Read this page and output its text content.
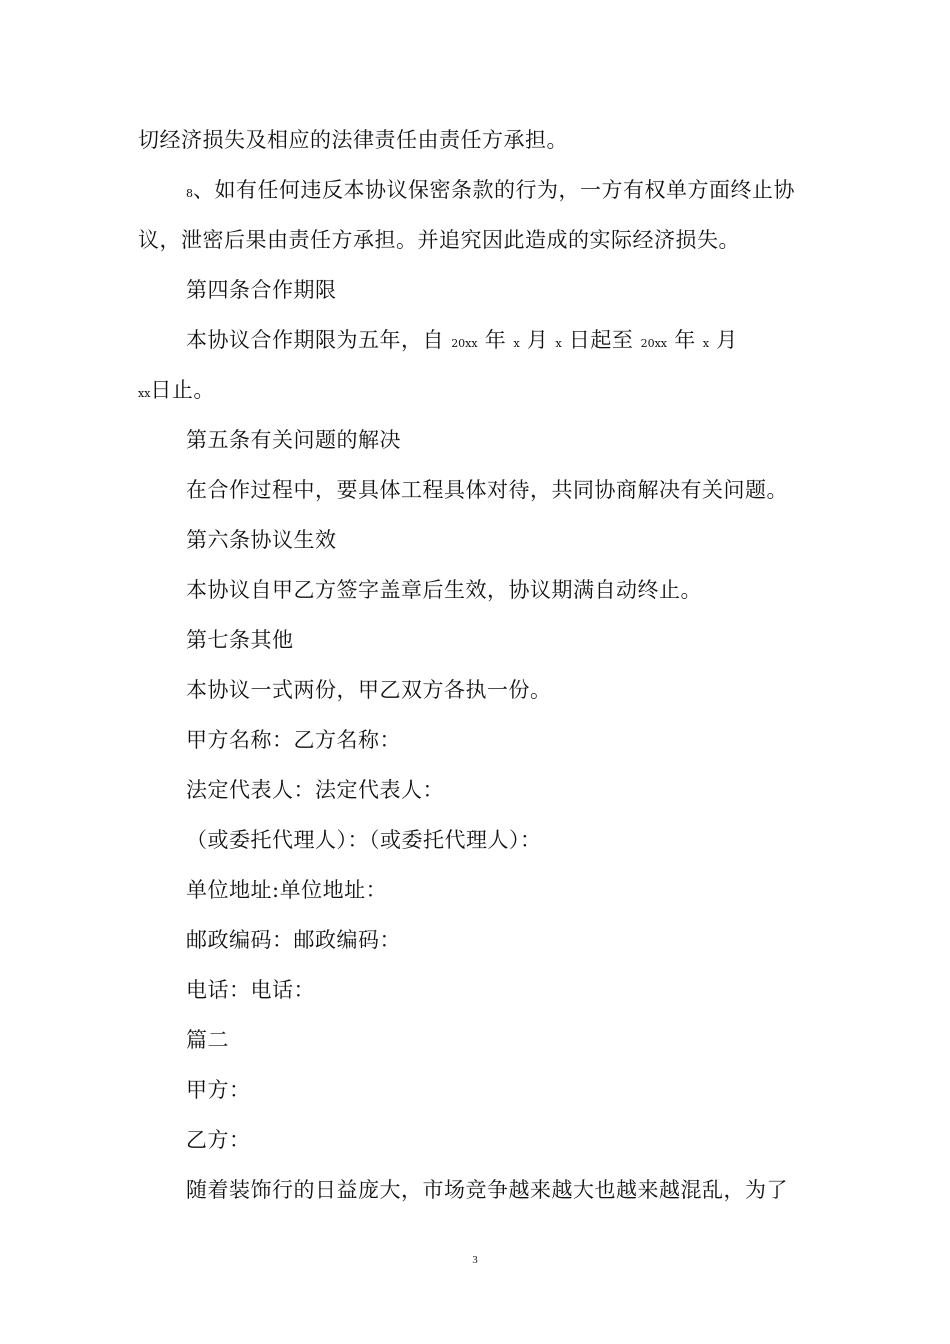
切经济损失及相应的法律责任由责任方承担。
8、如有任何违反本协议保密条款的行为，一方有权单方面终止协
议，泄密后果由责任方承担。并追究因此造成的实际经济损失。
第四条合作期限
本协议合作期限为五年，自 20xx 年 x 月 x 日起至 20xx 年 x 月
xx日止。
第五条有关问题的解决
在合作过程中，要具体工程具体对待，共同协商解决有关问题。
第六条协议生效
本协议自甲乙方签字盖章后生效，协议期满自动终止。
第七条其他
本协议一式两份，甲乙双方各执一份。
甲方名称：乙方名称：
法定代表人：法定代表人：
（或委托代理人）：（或委托代理人）：
单位地址:单位地址：
邮政编码：邮政编码：
电话：电话：
篇二
甲方：
乙方：
随着装饰行的日益庞大，市场竞争越来越大也越来越混乱，为了
3
